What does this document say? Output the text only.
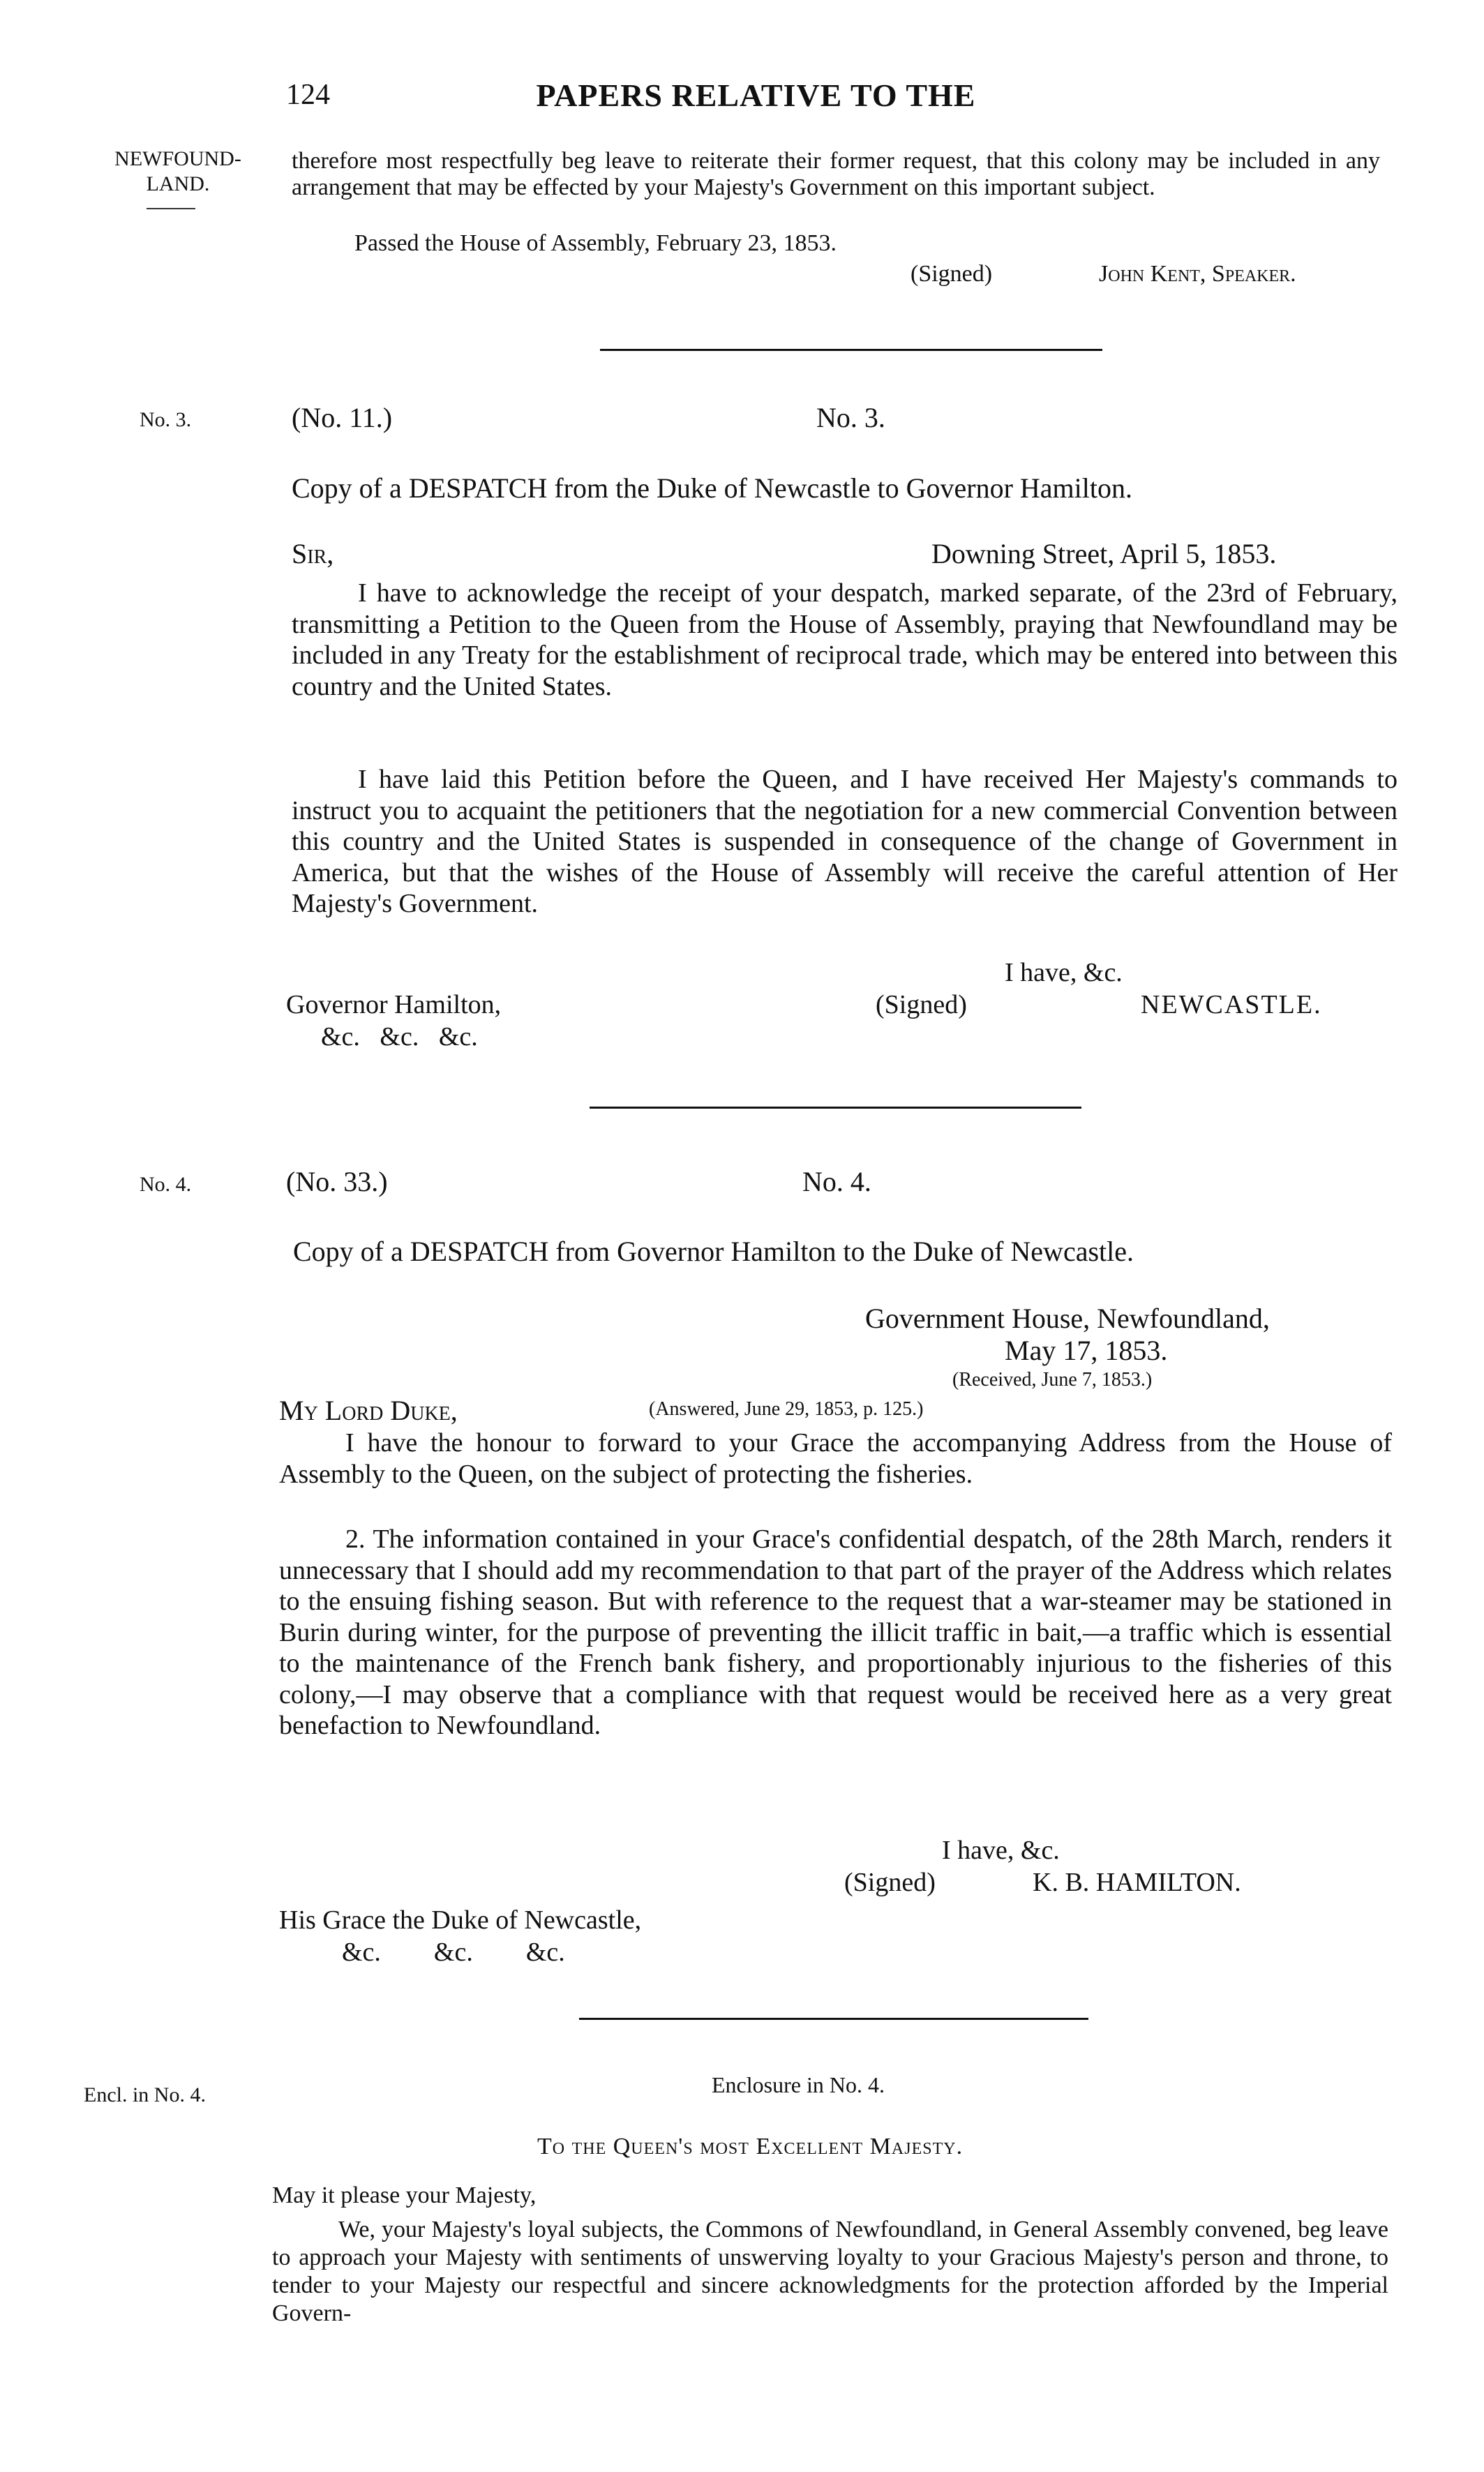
124	PAPERS RELATIVE TO THE
NEWFOUND-
LAND.
therefore most respectfully beg leave to reiterate their former request, that this colony may be included in any arrangement that may be effected by your Majesty's Government on this important subject.
Passed the House of Assembly, February 23, 1853.
(Signed)	John Kent, Speaker.
No. 3.	(No. 11.)	No. 3.
Copy of a DESPATCH from the Duke of Newcastle to Governor Hamilton.
Sir,	Downing Street, April 5, 1853.
I have to acknowledge the receipt of your despatch, marked separate, of the 23rd of February, transmitting a Petition to the Queen from the House of Assembly, praying that Newfoundland may be included in any Treaty for the establishment of reciprocal trade, which may be entered into between this country and the United States.
I have laid this Petition before the Queen, and I have received Her Majesty's commands to instruct you to acquaint the petitioners that the negotiation for a new commercial Convention between this country and the United States is suspended in consequence of the change of Government in America, but that the wishes of the House of Assembly will receive the careful attention of Her Majesty's Government.
I have, &c.
Governor Hamilton,	(Signed)	NEWCASTLE.
&c.   &c.   &c.
No. 4.	(No. 33.)	No. 4.
Copy of a DESPATCH from Governor Hamilton to the Duke of Newcastle.
Government House, Newfoundland,
May 17, 1853.
(Received, June 7, 1853.)
My Lord Duke,	(Answered, June 29, 1853, p. 125.)
I have the honour to forward to your Grace the accompanying Address from the House of Assembly to the Queen, on the subject of protecting the fisheries.
2. The information contained in your Grace's confidential despatch, of the 28th March, renders it unnecessary that I should add my recommendation to that part of the prayer of the Address which relates to the ensuing fishing season. But with reference to the request that a war-steamer may be stationed in Burin during winter, for the purpose of preventing the illicit traffic in bait,—a traffic which is essential to the maintenance of the French bank fishery, and proportionably injurious to the fisheries of this colony,—I may observe that a compliance with that request would be received here as a very great benefaction to Newfoundland.
I have, &c.
(Signed)	K. B. HAMILTON.
His Grace the Duke of Newcastle,
&c.        &c.        &c.
Encl. in No. 4.	Enclosure in No. 4.
To the Queen's most Excellent Majesty.
May it please your Majesty,
We, your Majesty's loyal subjects, the Commons of Newfoundland, in General Assembly convened, beg leave to approach your Majesty with sentiments of unswerving loyalty to your Gracious Majesty's person and throne, to tender to your Majesty our respectful and sincere acknowledgments for the protection afforded by the Imperial Govern-
